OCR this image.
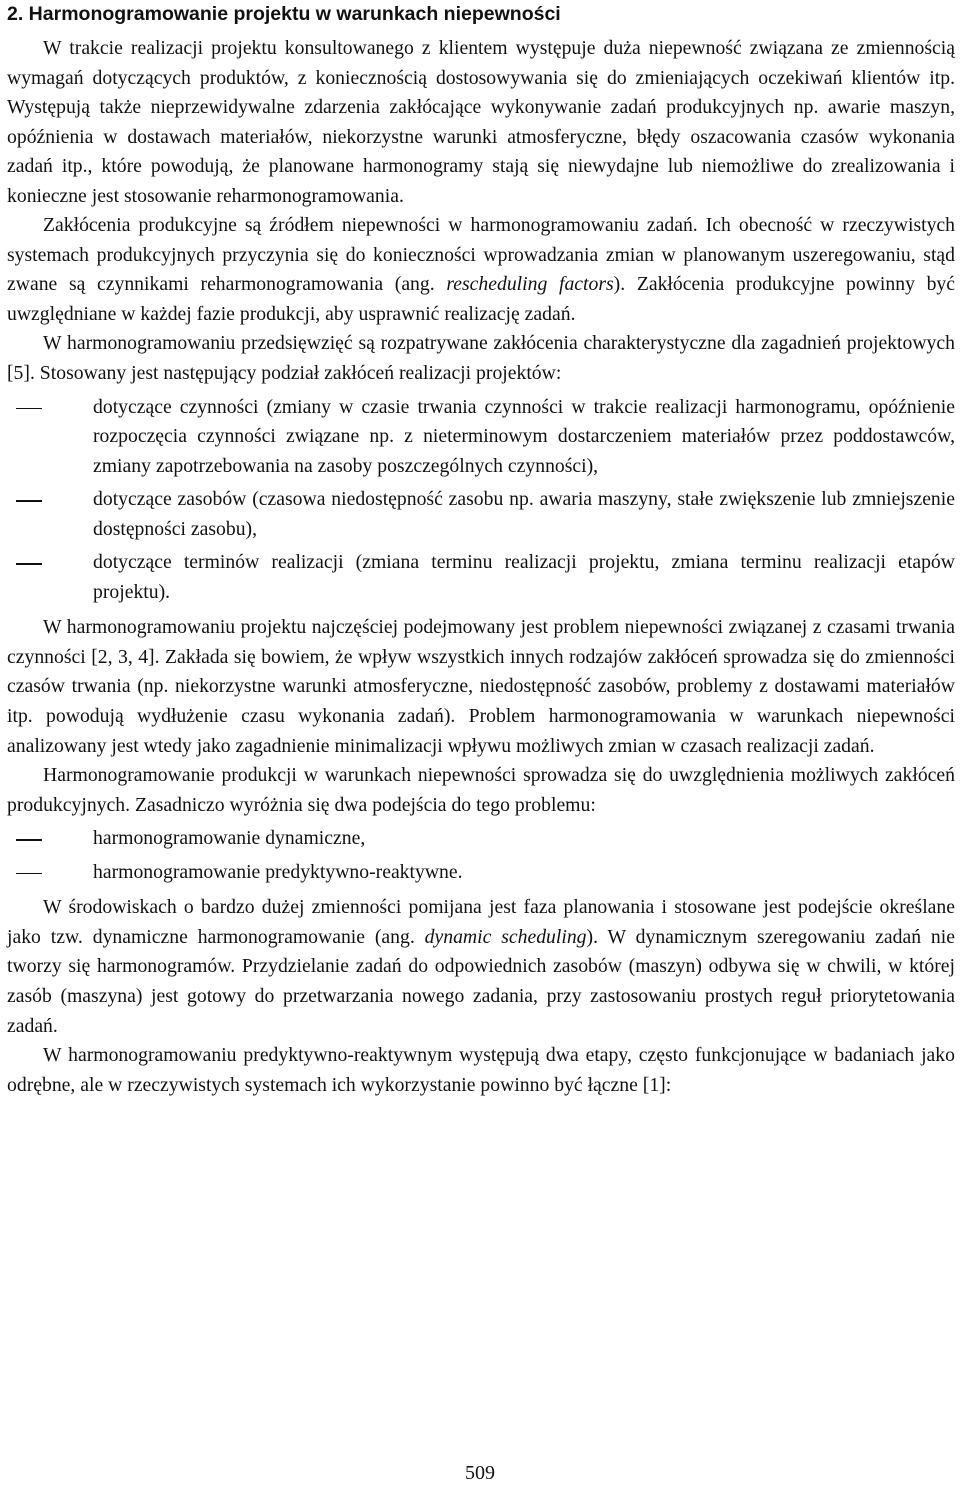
2. Harmonogramowanie projektu w warunkach niepewności

W trakcie realizacji projektu konsultowanego z klientem występuje duża niepewność związana ze zmiennością wymagań dotyczących produktów, z koniecznością dostosowywania się do zmieniających oczekiwań klientów itp. Występują także nieprzewidywalne zdarzenia zakłócające wykonywanie zadań produkcyjnych np. awarie maszyn, opóźnienia w dostawach materiałów, niekorzystne warunki atmosferyczne, błędy oszacowania czasów wykonania zadań itp., które powodują, że planowane harmonogramy stają się niewydajne lub niemożliwe do zrealizowania i konieczne jest stosowanie reharmonogramowania.

Zakłócenia produkcyjne są źródłem niepewności w harmonogramowaniu zadań. Ich obecność w rzeczywistych systemach produkcyjnych przyczynia się do konieczności wprowadzania zmian w planowanym uszeregowaniu, stąd zwane są czynnikami reharmonogramowania (ang. rescheduling factors). Zakłócenia produkcyjne powinny być uwzględniane w każdej fazie produkcji, aby usprawnić realizację zadań.

W harmonogramowaniu przedsięwzięć są rozpatrywane zakłócenia charakterystyczne dla zagadnień projektowych [5]. Stosowany jest następujący podział zakłóceń realizacji projektów:

dotyczące czynności (zmiany w czasie trwania czynności w trakcie realizacji harmonogramu, opóźnienie rozpoczęcia czynności związane np. z nieterminowym dostarczeniem materiałów przez poddostawców, zmiany zapotrzebowania na zasoby poszczególnych czynności),
dotyczące zasobów (czasowa niedostępność zasobu np. awaria maszyny, stałe zwiększenie lub zmniejszenie dostępności zasobu),
dotyczące terminów realizacji (zmiana terminu realizacji projektu, zmiana terminu realizacji etapów projektu).

W harmonogramowaniu projektu najczęściej podejmowany jest problem niepewności związanej z czasami trwania czynności [2, 3, 4]. Zakłada się bowiem, że wpływ wszystkich innych rodzajów zakłóceń sprowadza się do zmienności czasów trwania (np. niekorzystne warunki atmosferyczne, niedostępność zasobów, problemy z dostawami materiałów itp. powodują wydłużenie czasu wykonania zadań). Problem harmonogramowania w warunkach niepewności analizowany jest wtedy jako zagadnienie minimalizacji wpływu możliwych zmian w czasach realizacji zadań.

Harmonogramowanie produkcji w warunkach niepewności sprowadza się do uwzględnienia możliwych zakłóceń produkcyjnych. Zasadniczo wyróżnia się dwa podejścia do tego problemu:

harmonogramowanie dynamiczne,
harmonogramowanie predyktywno-reaktywne.

W środowiskach o bardzo dużej zmienności pomijana jest faza planowania i stosowane jest podejście określane jako tzw. dynamiczne harmonogramowanie (ang. dynamic scheduling). W dynamicznym szeregowaniu zadań nie tworzy się harmonogramów. Przydzielanie zadań do odpowiednich zasobów (maszyn) odbywa się w chwili, w której zasób (maszyna) jest gotowy do przetwarzania nowego zadania, przy zastosowaniu prostych reguł priorytetowania zadań.

W harmonogramowaniu predyktywno-reaktywnym występują dwa etapy, często funkcjonujące w badaniach jako odrębne, ale w rzeczywistych systemach ich wykorzystanie powinno być łączne [1]:

509
